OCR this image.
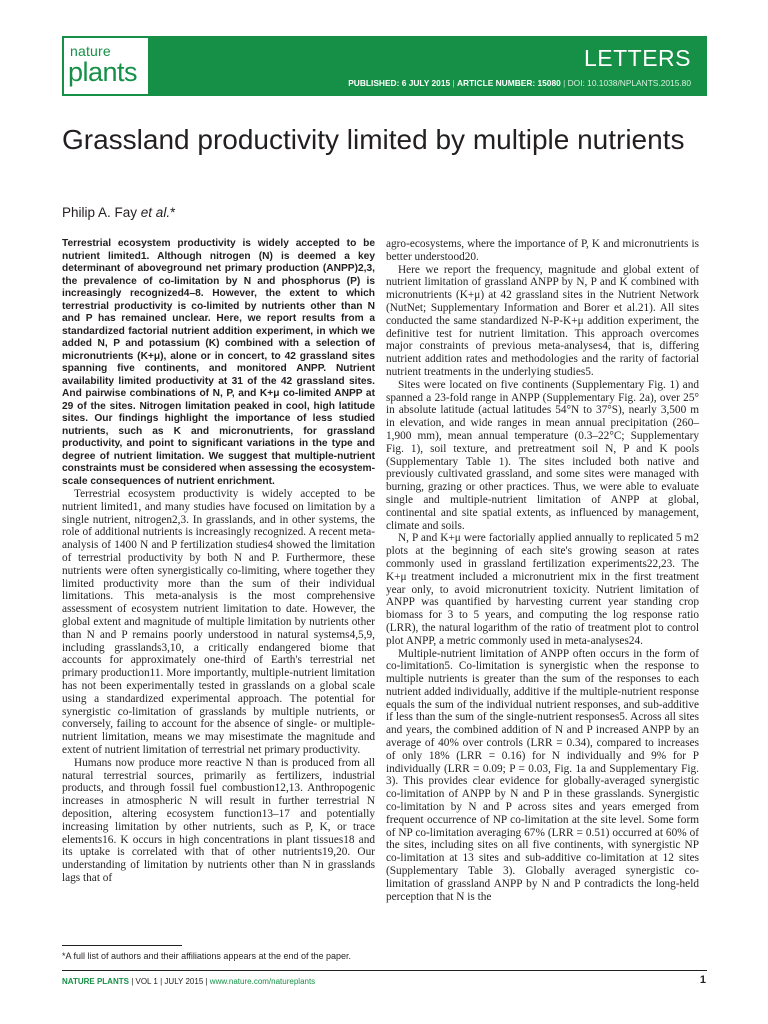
nature
plants	LETTERS
PUBLISHED: 6 JULY 2015 | ARTICLE NUMBER: 15080 | DOI: 10.1038/NPLANTS.2015.80
Grassland productivity limited by multiple nutrients
Philip A. Fay et al.*

Terrestrial ecosystem productivity is widely accepted to be nutrient limited1. Although nitrogen (N) is deemed a key determinant of aboveground net primary production (ANPP)2,3, the prevalence of co-limitation by N and phosphorus (P) is increasingly recognized4–8. However, the extent to which terrestrial productivity is co-limited by nutrients other than N and P has remained unclear. Here, we report results from a standardized factorial nutrient addition experiment, in which we added N, P and potassium (K) combined with a selection of micronutrients (K+μ), alone or in concert, to 42 grassland sites spanning five continents, and monitored ANPP. Nutrient availability limited productivity at 31 of the 42 grassland sites. And pairwise combinations of N, P, and K+μ co-limited ANPP at 29 of the sites. Nitrogen limitation peaked in cool, high latitude sites. Our findings highlight the importance of less studied nutrients, such as K and micronutrients, for grassland productivity, and point to significant variations in the type and degree of nutrient limitation. We suggest that multiple-nutrient constraints must be considered when assessing the ecosystem-scale consequences of nutrient enrichment.

Terrestrial ecosystem productivity is widely accepted to be nutrient limited1, and many studies have focused on limitation by a single nutrient, nitrogen2,3. In grasslands, and in other systems, the role of additional nutrients is increasingly recognized. A recent meta-analysis of 1400 N and P fertilization studies4 showed the limitation of terrestrial productivity by both N and P. Furthermore, these nutrients were often synergistically co-limiting, where together they limited productivity more than the sum of their individual limitations. This meta-analysis is the most comprehensive assessment of ecosystem nutrient limitation to date. However, the global extent and magnitude of multiple limitation by nutrients other than N and P remains poorly understood in natural systems4,5,9, including grasslands3,10, a critically endangered biome that accounts for approximately one-third of Earth's terrestrial net primary production11. More importantly, multiple-nutrient limitation has not been experimentally tested in grasslands on a global scale using a standardized experimental approach. The potential for synergistic co-limitation of grasslands by multiple nutrients, or conversely, failing to account for the absence of single- or multiple-nutrient limitation, means we may misestimate the magnitude and extent of nutrient limitation of terrestrial net primary productivity.

Humans now produce more reactive N than is produced from all natural terrestrial sources, primarily as fertilizers, industrial products, and through fossil fuel combustion12,13. Anthropogenic increases in atmospheric N will result in further terrestrial N deposition, altering ecosystem function13–17 and potentially increasing limitation by other nutrients, such as P, K, or trace elements16. K occurs in high concentrations in plant tissues18 and its uptake is correlated with that of other nutrients19,20. Our understanding of limitation by nutrients other than N in grasslands lags that of

agro-ecosystems, where the importance of P, K and micronutrients is better understood20.

Here we report the frequency, magnitude and global extent of nutrient limitation of grassland ANPP by N, P and K combined with micronutrients (K+μ) at 42 grassland sites in the Nutrient Network (NutNet; Supplementary Information and Borer et al.21). All sites conducted the same standardized N-P-K+μ addition experiment, the definitive test for nutrient limitation. This approach overcomes major constraints of previous meta-analyses4, that is, differing nutrient addition rates and methodologies and the rarity of factorial nutrient treatments in the underlying studies5.

Sites were located on five continents (Supplementary Fig. 1) and spanned a 23-fold range in ANPP (Supplementary Fig. 2a), over 25° in absolute latitude (actual latitudes 54°N to 37°S), nearly 3,500 m in elevation, and wide ranges in mean annual precipitation (260–1,900 mm), mean annual temperature (0.3–22°C; Supplementary Fig. 1), soil texture, and pretreatment soil N, P and K pools (Supplementary Table 1). The sites included both native and previously cultivated grassland, and some sites were managed with burning, grazing or other practices. Thus, we were able to evaluate single and multiple-nutrient limitation of ANPP at global, continental and site spatial extents, as influenced by management, climate and soils.

N, P and K+μ were factorially applied annually to replicated 5 m2 plots at the beginning of each site's growing season at rates commonly used in grassland fertilization experiments22,23. The K+μ treatment included a micronutrient mix in the first treatment year only, to avoid micronutrient toxicity. Nutrient limitation of ANPP was quantified by harvesting current year standing crop biomass for 3 to 5 years, and computing the log response ratio (LRR), the natural logarithm of the ratio of treatment plot to control plot ANPP, a metric commonly used in meta-analyses24.

Multiple-nutrient limitation of ANPP often occurs in the form of co-limitation5. Co-limitation is synergistic when the response to multiple nutrients is greater than the sum of the responses to each nutrient added individually, additive if the multiple-nutrient response equals the sum of the individual nutrient responses, and sub-additive if less than the sum of the single-nutrient responses5. Across all sites and years, the combined addition of N and P increased ANPP by an average of 40% over controls (LRR = 0.34), compared to increases of only 18% (LRR = 0.16) for N individually and 9% for P individually (LRR = 0.09; P = 0.03, Fig. 1a and Supplementary Fig. 3). This provides clear evidence for globally-averaged synergistic co-limitation of ANPP by N and P in these grasslands. Synergistic co-limitation by N and P across sites and years emerged from frequent occurrence of NP co-limitation at the site level. Some form of NP co-limitation averaging 67% (LRR = 0.51) occurred at 60% of the sites, including sites on all five continents, with synergistic NP co-limitation at 13 sites and sub-additive co-limitation at 12 sites (Supplementary Table 3). Globally averaged synergistic co-limitation of grassland ANPP by N and P contradicts the long-held perception that N is the

*A full list of authors and their affiliations appears at the end of the paper.
NATURE PLANTS | VOL 1 | JULY 2015 | www.nature.com/natureplants	1
